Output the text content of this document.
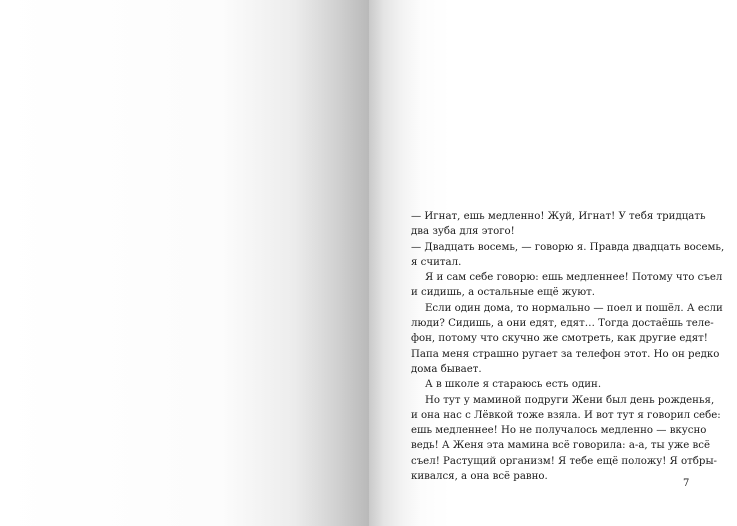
— Игнат, ешь медленно! Жуй, Игнат! У тебя тридцать
два зуба для этого!
— Двадцать восемь, — говорю я. Правда двадцать восемь,
я считал.
Я и сам себе говорю: ешь медленнее! Потому что съел
и сидишь, а остальные ещё жуют.
Если один дома, то нормально — поел и пошёл. А если
люди? Сидишь, а они едят, едят… Тогда достаёшь теле-
фон, потому что скучно же смотреть, как другие едят!
Папа меня страшно ругает за телефон этот. Но он редко
дома бывает.
А в школе я стараюсь есть один.
Но тут у маминой подруги Жени был день рожденья,
и она нас с Лёвкой тоже взяла. И вот тут я говорил себе:
ешь медленнее! Но не получалось медленно — вкусно
ведь! А Женя эта мамина всё говорила: а-а, ты уже всё
съел! Растущий организм! Я тебе ещё положу! Я отбры-
кивался, а она всё равно.
7
